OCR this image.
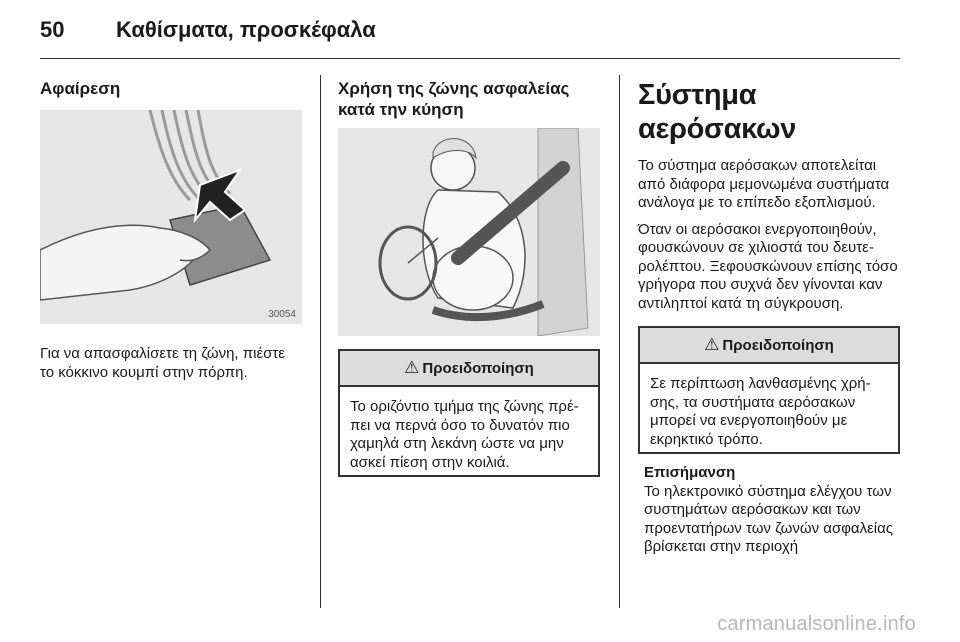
50 Καθίσματα, προσκέφαλα
Αφαίρεση
30054

Για να απασφαλίσετε τη ζώνη, πιέστε το κόκκινο κουμπί στην πόρπη.

Χρήση της ζώνης ασφαλείας κατά την κύηση
⚠ Προειδοποίηση

Το οριζόντιο τμήμα της ζώνης πρέ-πει να περνά όσο το δυνατόν πιο χαμηλά στη λεκάνη ώστε να μην ασκεί πίεση στην κοιλιά.

Σύστημα αερόσακων

Το σύστημα αερόσακων αποτελείται από διάφορα μεμονωμένα συστήματα ανάλογα με το επίπεδο εξοπλισμού.

Όταν οι αερόσακοι ενεργοποιηθούν, φουσκώνουν σε χιλιοστά του δευτε-ρολέπτου. Ξεφουσκώνουν επίσης τόσο γρήγορα που συχνά δεν γίνονται καν αντιληπτοί κατά τη σύγκρουση.

⚠ Προειδοποίηση

Σε περίπτωση λανθασμένης χρή-σης, τα συστήματα αερόσακων μπορεί να ενεργοποιηθούν με εκρηκτικό τρόπο.

Επισήμανση

Το ηλεκτρονικό σύστημα ελέγχου των συστημάτων αερόσακων και των προεντατήρων των ζωνών ασφαλείας βρίσκεται στην περιοχή

carmanualsonline.info
